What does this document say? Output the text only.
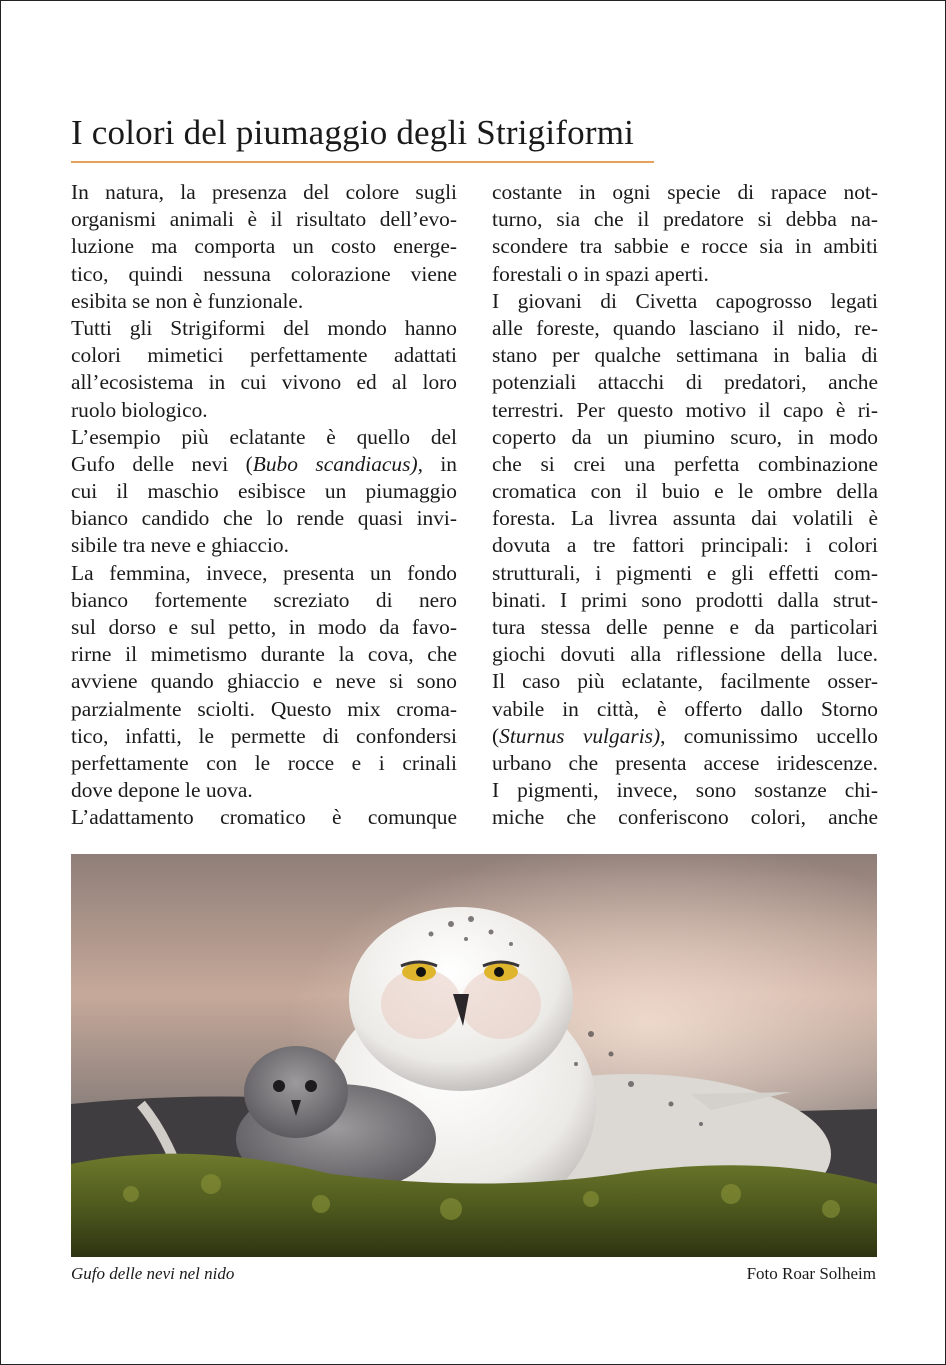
I colori del piumaggio degli Strigiformi
In natura, la presenza del colore sugli
organismi animali è il risultato dell’evo-
luzione ma comporta un costo energe-
tico, quindi nessuna colorazione viene
esibita se non è funzionale.
Tutti gli Strigiformi del mondo hanno
colori mimetici perfettamente adattati
all’ecosistema in cui vivono ed al loro
ruolo biologico.
L’esempio più eclatante è quello del
Gufo delle nevi (Bubo scandiacus), in
cui il maschio esibisce un piumaggio
bianco candido che lo rende quasi invi-
sibile tra neve e ghiaccio.
La femmina, invece, presenta un fondo
bianco fortemente screziato di nero
sul dorso e sul petto, in modo da favo-
rirne il mimetismo durante la cova, che
avviene quando ghiaccio e neve si sono
parzialmente sciolti. Questo mix croma-
tico, infatti, le permette di confondersi
perfettamente con le rocce e i crinali
dove depone le uova.
L’adattamento cromatico è comunque
costante in ogni specie di rapace not-
turno, sia che il predatore si debba na-
scondere tra sabbie e rocce sia in ambiti
forestali o in spazi aperti.
I giovani di Civetta capogrosso legati
alle foreste, quando lasciano il nido, re-
stano per qualche settimana in balia di
potenziali attacchi di predatori, anche
terrestri. Per questo motivo il capo è ri-
coperto da un piumino scuro, in modo
che si crei una perfetta combinazione
cromatica con il buio e le ombre della
foresta. La livrea assunta dai volatili è
dovuta a tre fattori principali: i colori
strutturali, i pigmenti e gli effetti com-
binati. I primi sono prodotti dalla strut-
tura stessa delle penne e da particolari
giochi dovuti alla riflessione della luce.
Il caso più eclatante, facilmente osser-
vabile in città, è offerto dallo Storno
(Sturnus vulgaris), comunissimo uccello
urbano che presenta accese iridescenze.
I pigmenti, invece, sono sostanze chi-
miche che conferiscono colori, anche
Gufo delle nevi nel nido	Foto Roar Solheim
